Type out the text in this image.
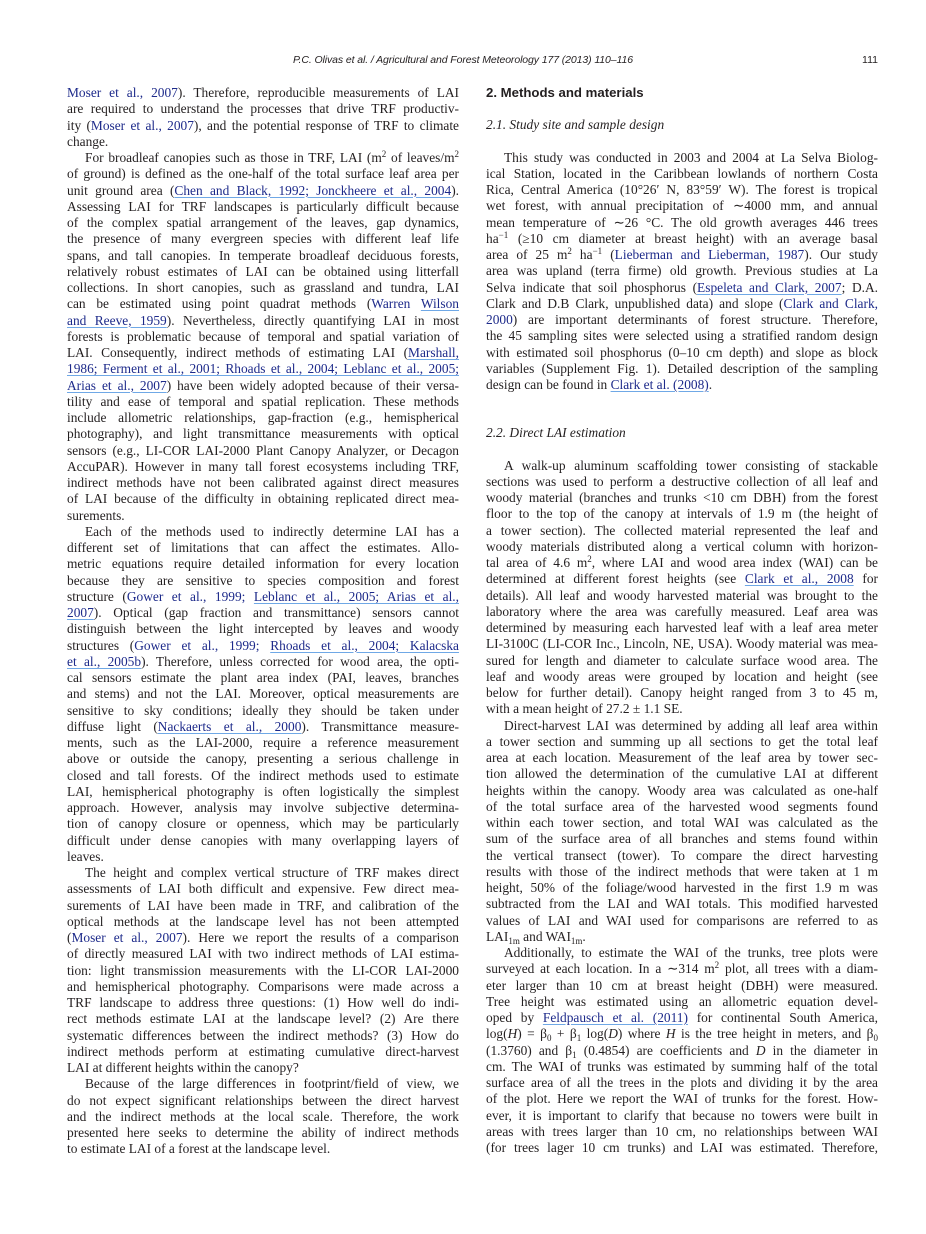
P.C. Olivas et al. / Agricultural and Forest Meteorology 177 (2013) 110–116	111
Moser et al., 2007). Therefore, reproducible measurements of LAI
are required to understand the processes that drive TRF productiv-
ity (Moser et al., 2007), and the potential response of TRF to climate
change.
For broadleaf canopies such as those in TRF, LAI ($m^2$ of leaves/$m^2$
of ground) is defined as the one-half of the total surface leaf area per
unit ground area (Chen and Black, 1992; Jonckheere et al., 2004).
Assessing LAI for TRF landscapes is particularly difficult because
of the complex spatial arrangement of the leaves, gap dynamics,
the presence of many evergreen species with different leaf life
spans, and tall canopies. In temperate broadleaf deciduous forests,
relatively robust estimates of LAI can be obtained using litterfall
collections. In short canopies, such as grassland and tundra, LAI
can be estimated using point quadrat methods (Warren Wilson
and Reeve, 1959). Nevertheless, directly quantifying LAI in most
forests is problematic because of temporal and spatial variation of
LAI. Consequently, indirect methods of estimating LAI (Marshall,
1986; Ferment et al., 2001; Rhoads et al., 2004; Leblanc et al., 2005;
Arias et al., 2007) have been widely adopted because of their versa-
tility and ease of temporal and spatial replication. These methods
include allometric relationships, gap-fraction (e.g., hemispherical
photography), and light transmittance measurements with optical
sensors (e.g., LI-COR LAI-2000 Plant Canopy Analyzer, or Decagon
AccuPAR). However in many tall forest ecosystems including TRF,
indirect methods have not been calibrated against direct measures
of LAI because of the difficulty in obtaining replicated direct mea-
surements.
Each of the methods used to indirectly determine LAI has a
different set of limitations that can affect the estimates. Allo-
metric equations require detailed information for every location
because they are sensitive to species composition and forest
structure (Gower et al., 1999; Leblanc et al., 2005; Arias et al.,
2007). Optical (gap fraction and transmittance) sensors cannot
distinguish between the light intercepted by leaves and woody
structures (Gower et al., 1999; Rhoads et al., 2004; Kalacska
et al., 2005b). Therefore, unless corrected for wood area, the opti-
cal sensors estimate the plant area index (PAI, leaves, branches
and stems) and not the LAI. Moreover, optical measurements are
sensitive to sky conditions; ideally they should be taken under
diffuse light (Nackaerts et al., 2000). Transmittance measure-
ments, such as the LAI-2000, require a reference measurement
above or outside the canopy, presenting a serious challenge in
closed and tall forests. Of the indirect methods used to estimate
LAI, hemispherical photography is often logistically the simplest
approach. However, analysis may involve subjective determina-
tion of canopy closure or openness, which may be particularly
difficult under dense canopies with many overlapping layers of
leaves.
The height and complex vertical structure of TRF makes direct
assessments of LAI both difficult and expensive. Few direct mea-
surements of LAI have been made in TRF, and calibration of the
optical methods at the landscape level has not been attempted
(Moser et al., 2007). Here we report the results of a comparison
of directly measured LAI with two indirect methods of LAI estima-
tion: light transmission measurements with the LI-COR LAI-2000
and hemispherical photography. Comparisons were made across a
TRF landscape to address three questions: (1) How well do indi-
rect methods estimate LAI at the landscape level? (2) Are there
systematic differences between the indirect methods? (3) How do
indirect methods perform at estimating cumulative direct-harvest
LAI at different heights within the canopy?
Because of the large differences in footprint/field of view, we
do not expect significant relationships between the direct harvest
and the indirect methods at the local scale. Therefore, the work
presented here seeks to determine the ability of indirect methods
to estimate LAI of a forest at the landscape level.
2. Methods and materials
2.1. Study site and sample design
This study was conducted in 2003 and 2004 at La Selva Biolog-
ical Station, located in the Caribbean lowlands of northern Costa
Rica, Central America (10°26′ N, 83°59′ W). The forest is tropical
wet forest, with annual precipitation of ∼4000 mm, and annual
mean temperature of ∼26 °C. The old growth averages 446 trees
$ha^{-1}$ (≥10 cm diameter at breast height) with an average basal
area of 25 $m^2$ $ha^{-1}$ (Lieberman and Lieberman, 1987). Our study
area was upland (terra firme) old growth. Previous studies at La
Selva indicate that soil phosphorus (Espeleta and Clark, 2007; D.A.
Clark and D.B Clark, unpublished data) and slope (Clark and Clark,
2000) are important determinants of forest structure. Therefore,
the 45 sampling sites were selected using a stratified random design
with estimated soil phosphorus (0–10 cm depth) and slope as block
variables (Supplement Fig. 1). Detailed description of the sampling
design can be found in Clark et al. (2008).
2.2. Direct LAI estimation
A walk-up aluminum scaffolding tower consisting of stackable
sections was used to perform a destructive collection of all leaf and
woody material (branches and trunks <10 cm DBH) from the forest
floor to the top of the canopy at intervals of 1.9 m (the height of
a tower section). The collected material represented the leaf and
woody materials distributed along a vertical column with horizon-
tal area of 4.6 $m^2$, where LAI and wood area index (WAI) can be
determined at different forest heights (see Clark et al., 2008 for
details). All leaf and woody harvested material was brought to the
laboratory where the area was carefully measured. Leaf area was
determined by measuring each harvested leaf with a leaf area meter
LI-3100C (LI-COR Inc., Lincoln, NE, USA). Woody material was mea-
sured for length and diameter to calculate surface wood area. The
leaf and woody areas were grouped by location and height (see
below for further detail). Canopy height ranged from 3 to 45 m,
with a mean height of 27.2 ± 1.1 SE.
Direct-harvest LAI was determined by adding all leaf area within
a tower section and summing up all sections to get the total leaf
area at each location. Measurement of the leaf area by tower sec-
tion allowed the determination of the cumulative LAI at different
heights within the canopy. Woody area was calculated as one-half
of the total surface area of the harvested wood segments found
within each tower section, and total WAI was calculated as the
sum of the surface area of all branches and stems found within
the vertical transect (tower). To compare the direct harvesting
results with those of the indirect methods that were taken at 1 m
height, 50% of the foliage/wood harvested in the first 1.9 m was
subtracted from the LAI and WAI totals. This modified harvested
values of LAI and WAI used for comparisons are referred to as
$LAI_{1m}$ and $WAI_{1m}$.
Additionally, to estimate the WAI of the trunks, tree plots were
surveyed at each location. In a ∼314 $m^2$ plot, all trees with a diam-
eter larger than 10 cm at breast height (DBH) were measured.
Tree height was estimated using an allometric equation devel-
oped by Feldpausch et al. (2011) for continental South America,
$\log(H) = \beta_0 + \beta_1$ log(D) where H is the tree height in meters, and $\beta_0$
(1.3760) and $\beta_1$ (0.4854) are coefficients and D in the diameter in
cm. The WAI of trunks was estimated by summing half of the total
surface area of all the trees in the plots and dividing it by the area
of the plot. Here we report the WAI of trunks for the forest. How-
ever, it is important to clarify that because no towers were built in
areas with trees larger than 10 cm, no relationships between WAI
(for trees lager 10 cm trunks) and LAI was estimated. Therefore,
